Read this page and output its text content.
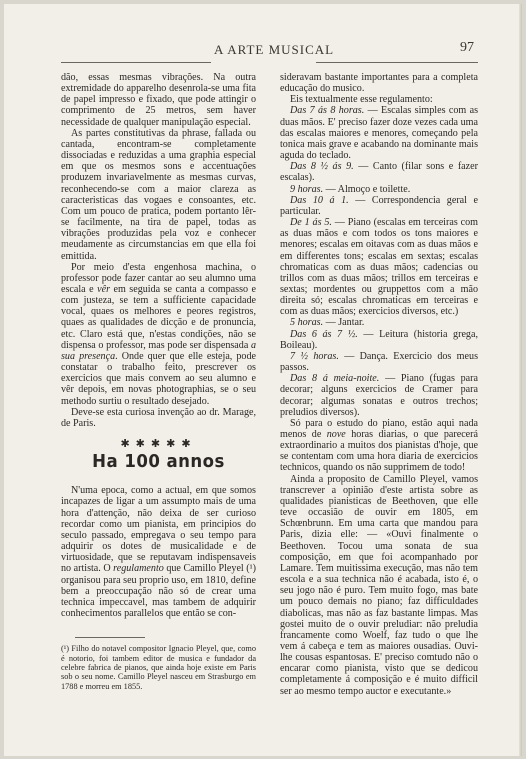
A ARTE MUSICAL	97

dão, essas mesmas vibrações. Na outra extremidade do apparelho desenrola-se uma fita de papel impresso e fixado, que pode attingir o comprimento de 25 metros, sem haver necessidade de qualquer manipulação especial.

As partes constitutivas da phrase, fallada ou cantada, encontram-se completamente dissociadas e reduzidas a uma graphia especial em que os mesmos sons e accentuações produzem invariavelmente as mesmas curvas, reconhecendo-se com a maior clareza as caracteristicas das vogaes e consoantes, etc. Com um pouco de pratica, podem portanto lêr-se facilmente, na tira de papel, todas as vibrações produzidas pela voz e conhecer meudamente as circumstancias em que ella foi emittida.

Por meio d'esta engenhosa machina, o professor pode fazer cantar ao seu alumno uma escala e vêr em seguida se canta a compasso e com justeza, se tem a sufficiente capacidade vocal, quaes os melhores e peores registros, quaes as qualidades de dicção e de pronuncia, etc. Claro está que, n'estas condições, não se dispensa o professor, mas pode ser dispensada a sua presença. Onde quer que elle esteja, pode constatar o trabalho feito, prescrever os exercicios que mais convem ao seu alumno e vêr depois, em novas photographias, se o seu methodo surtiu o resultado desejado.

Deve-se esta curiosa invenção ao dr. Marage, de Paris.

✱✱✱✱✱
Ha 100 annos

N'uma epoca, como a actual, em que somos incapazes de ligar a um assumpto mais de uma hora d'attenção, não deixa de ser curioso recordar como um pianista, em principios do seculo passado, empregava o seu tempo para adquirir os dotes de musicalidade e de virtuosidade, que se reputavam indispensaveis no artista. O regulamento que Camillo Pleyel (¹) organisou para seu proprio uso, em 1810, define bem a preoccupação não só de crear uma technica impeccavel, mas tambem de adquirir conhecimentos parallelos que então se con-

(¹) Filho do notavel compositor Ignacio Pleyel, que, como é notorio, foi tambem editor de musica e fundador da celebre fabrica de pianos, que ainda hoje existe em Paris sob o seu nome. Camillo Pleyel nasceu em Strasburgo em 1788 e morreu em 1855.

sideravam bastante importantes para a completa educação do musico.

Eis textualmente esse regulamento:

Das 7 ás 8 horas. — Escalas simples com as duas mãos. E' preciso fazer doze vezes cada uma das escalas maiores e menores, começando pela tonica mais grave e acabando na dominante mais aguda do teclado.

Das 8 ½ ás 9. — Canto (filar sons e fazer escalas).

9 horas. — Almoço e toilette.

Das 10 á 1. — Correspondencia geral e particular.

De 1 ás 5. — Piano (escalas em terceiras com as duas mãos e com todos os tons maiores e menores; escalas em oitavas com as duas mãos e em differentes tons; escalas em sextas; escalas chromaticas com as duas mãos; cadencias ou trillos com as duas mãos; trillos em terceiras e sextas; mordentes ou gruppettos com a mão direita só; escalas chromaticas em terceiras e com as duas mãos; exercicios diversos, etc.)

5 horas. — Jantar.

Das 6 ás 7 ½. — Leitura (historia grega, Boileau).

7 ½ horas. — Dança. Exercicio dos meus passos.

Das 8 á meia-noite. — Piano (fugas para decorar; alguns exercicios de Cramer para decorar; algumas sonatas e outros trechos; preludios diversos).

Só para o estudo do piano, estão aqui nada menos de nove horas diarias, o que parecerá extraordinario a muitos dos pianistas d'hoje, que se contentam com uma hora diaria de exercicios technicos, quando os não supprimem de todo!

Ainda a proposito de Camillo Pleyel, vamos transcrever a opinião d'este artista sobre as qualidades pianisticas de Beethoven, que elle teve occasião de ouvir em 1805, em Schœnbrunn. Em uma carta que mandou para Paris, dizia elle: — «Ouvi finalmente o Beethoven. Tocou uma sonata de sua composição, em que foi acompanhado por Lamare. Tem muitissima execução, mas não tem escola e a sua technica não é acabada, isto é, o seu jogo não é puro. Tem muito fogo, mas bate um pouco demais no piano; faz difficuldades diabolicas, mas não as faz bastante limpas. Mas gostei muito de o ouvir preludiar: não preludia francamente como Woelf, faz tudo o que lhe vem á cabeça e tem as maiores ousadias. Ouvi-lhe cousas espantosas. E' preciso comtudo não o encarar como pianista, visto que se dedicou completamente á composição e é muito difficil ser ao mesmo tempo auctor e executante.»
